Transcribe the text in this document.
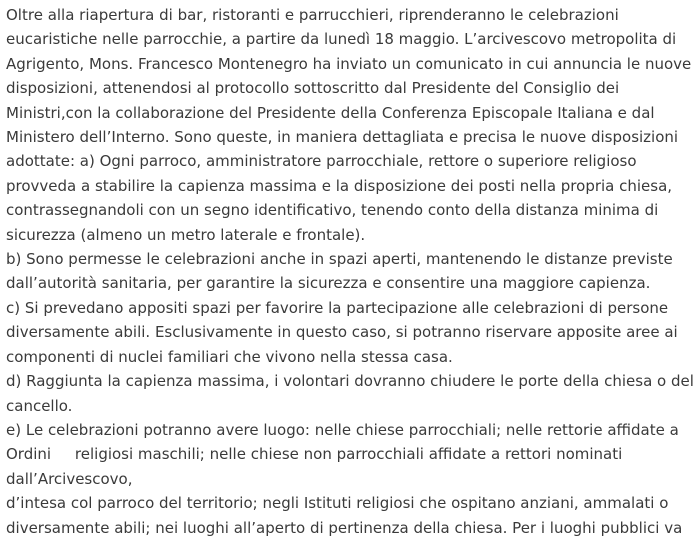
Oltre alla riapertura di bar, ristoranti e parrucchieri, riprenderanno le celebrazioni
eucaristiche nelle parrocchie, a partire da lunedì 18 maggio. L’arcivescovo metropolita di
Agrigento, Mons. Francesco Montenegro ha inviato un comunicato in cui annuncia le nuove
disposizioni, attenendosi al protocollo sottoscritto dal Presidente del Consiglio dei
Ministri,con la collaborazione del Presidente della Conferenza Episcopale Italiana e dal
Ministero dell’Interno. Sono queste, in maniera dettagliata e precisa le nuove disposizioni
adottate: a) Ogni parroco, amministratore parrocchiale, rettore o superiore religioso
provveda a stabilire la capienza massima e la disposizione dei posti nella propria chiesa,
contrassegnandoli con un segno identificativo, tenendo conto della distanza minima di
sicurezza (almeno un metro laterale e frontale).
b) Sono permesse le celebrazioni anche in spazi aperti, mantenendo le distanze previste
dall’autorità sanitaria, per garantire la sicurezza e consentire una maggiore capienza.
c) Si prevedano appositi spazi per favorire la partecipazione alle celebrazioni di persone
diversamente abili. Esclusivamente in questo caso, si potranno riservare apposite aree ai
componenti di nuclei familiari che vivono nella stessa casa.
d) Raggiunta la capienza massima, i volontari dovranno chiudere le porte della chiesa o del
cancello.
e) Le celebrazioni potranno avere luogo: nelle chiese parrocchiali; nelle rettorie affidate a
Ordini     religiosi maschili; nelle chiese non parrocchiali affidate a rettori nominati
dall’Arcivescovo,
d’intesa col parroco del territorio; negli Istituti religiosi che ospitano anziani, ammalati o
diversamente abili; nei luoghi all’aperto di pertinenza della chiesa. Per i luoghi pubblici va
